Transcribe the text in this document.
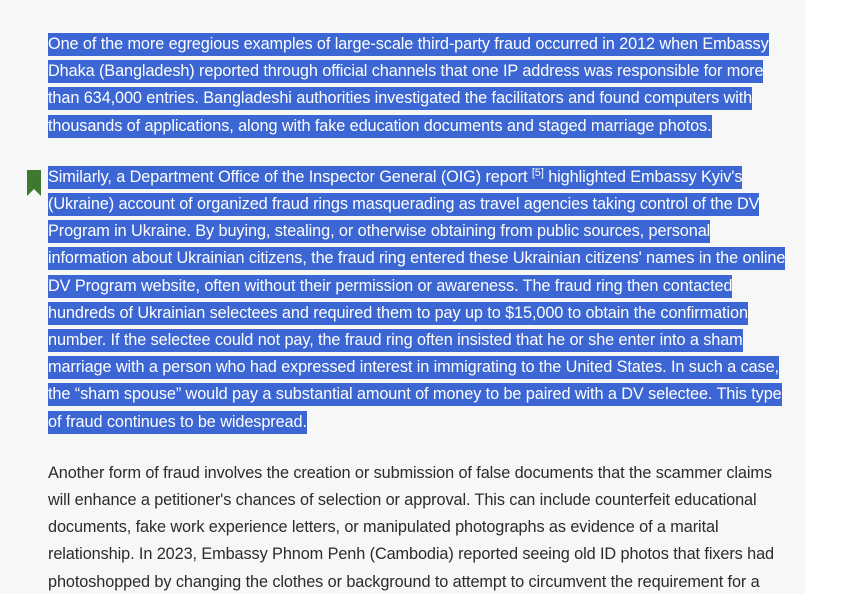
One of the more egregious examples of large-scale third-party fraud occurred in 2012 when Embassy Dhaka (Bangladesh) reported through official channels that one IP address was responsible for more than 634,000 entries. Bangladeshi authorities investigated the facilitators and found computers with thousands of applications, along with fake education documents and staged marriage photos.

Similarly, a Department Office of the Inspector General (OIG) report [5] highlighted Embassy Kyiv's (Ukraine) account of organized fraud rings masquerading as travel agencies taking control of the DV Program in Ukraine. By buying, stealing, or otherwise obtaining from public sources, personal information about Ukrainian citizens, the fraud ring entered these Ukrainian citizens' names in the online DV Program website, often without their permission or awareness. The fraud ring then contacted hundreds of Ukrainian selectees and required them to pay up to $15,000 to obtain the confirmation number. If the selectee could not pay, the fraud ring often insisted that he or she enter into a sham marriage with a person who had expressed interest in immigrating to the United States. In such a case, the “sham spouse” would pay a substantial amount of money to be paired with a DV selectee. This type of fraud continues to be widespread.

Another form of fraud involves the creation or submission of false documents that the scammer claims will enhance a petitioner's chances of selection or approval. This can include counterfeit educational documents, fake work experience letters, or manipulated photographs as evidence of a marital relationship. In 2023, Embassy Phnom Penh (Cambodia) reported seeing old ID photos that fixers had photoshopped by changing the clothes or background to attempt to circumvent the requirement for a
